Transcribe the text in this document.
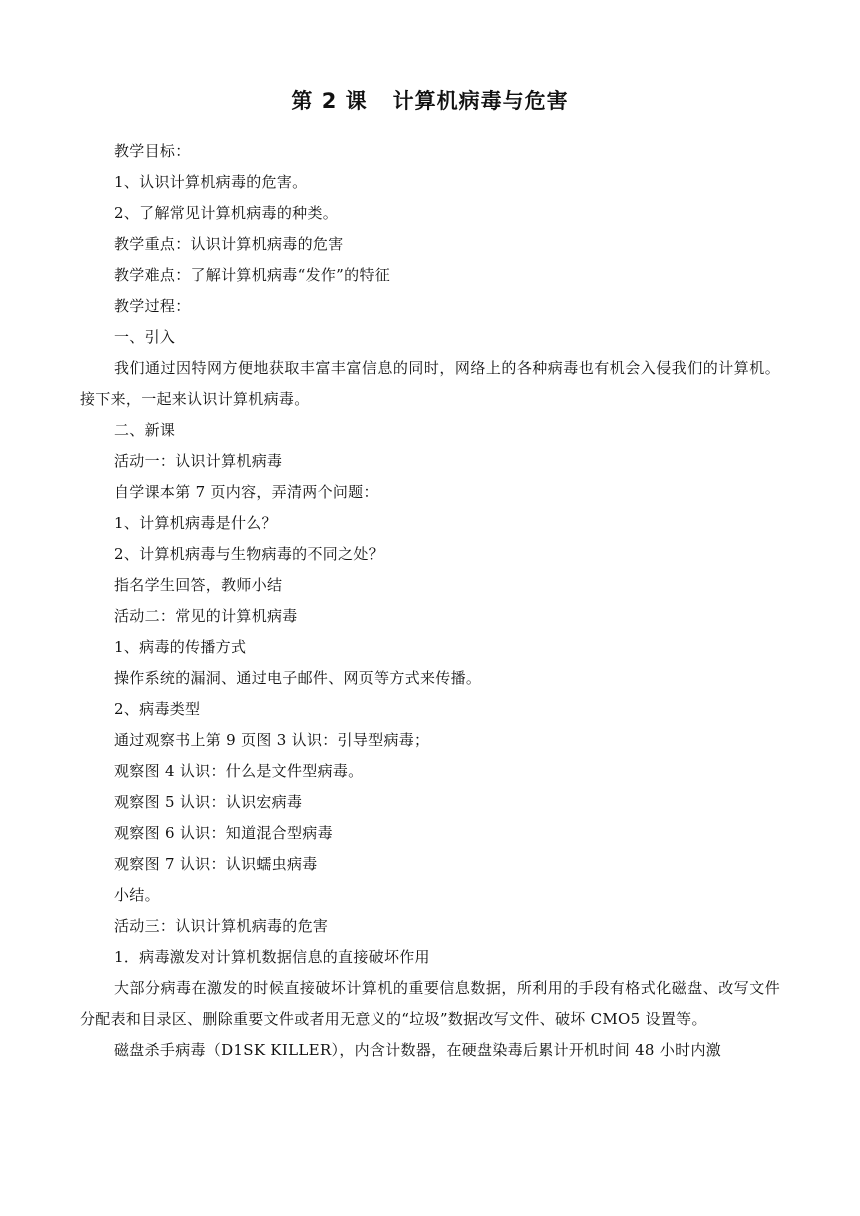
第 2 课   计算机病毒与危害

教学目标：

1、认识计算机病毒的危害。

2、了解常见计算机病毒的种类。

教学重点：认识计算机病毒的危害

教学难点：了解计算机病毒“发作”的特征

教学过程：

一、引入

我们通过因特网方便地获取丰富丰富信息的同时，网络上的各种病毒也有机会入侵我们的计算机。接下来，一起来认识计算机病毒。

二、新课

活动一：认识计算机病毒

自学课本第 7 页内容，弄清两个问题：

1、计算机病毒是什么？

2、计算机病毒与生物病毒的不同之处？

指名学生回答，教师小结

活动二：常见的计算机病毒

1、病毒的传播方式

操作系统的漏洞、通过电子邮件、网页等方式来传播。

2、病毒类型

通过观察书上第 9 页图 3 认识：引导型病毒；

观察图 4 认识：什么是文件型病毒。

观察图 5 认识：认识宏病毒

观察图 6 认识：知道混合型病毒

观察图 7 认识：认识蠕虫病毒

小结。

活动三：认识计算机病毒的危害

1．病毒激发对计算机数据信息的直接破坏作用

大部分病毒在激发的时候直接破坏计算机的重要信息数据，所利用的手段有格式化磁盘、改写文件分配表和目录区、删除重要文件或者用无意义的“垃圾”数据改写文件、破坏 CMO5 设置等。

磁盘杀手病毒（D1SK KILLER），内含计数器，在硬盘染毒后累计开机时间 48 小时内激
